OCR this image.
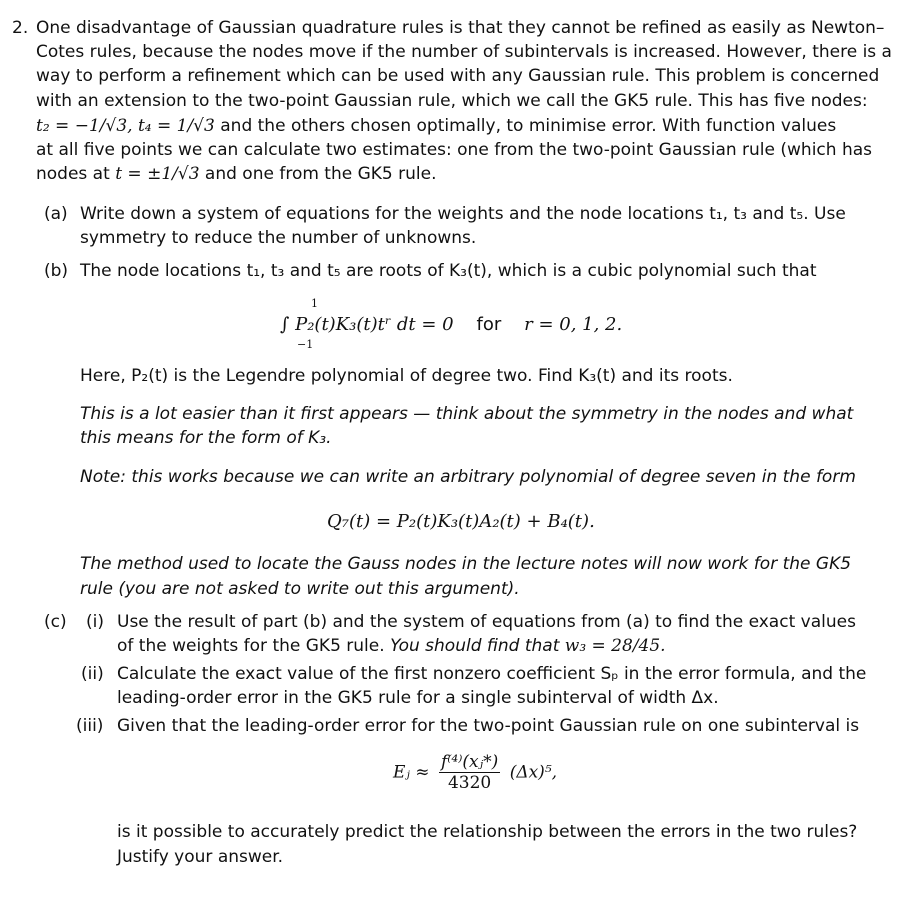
2. One disadvantage of Gaussian quadrature rules is that they cannot be refined as easily as Newton–
Cotes rules, because the nodes move if the number of subintervals is increased. However, there is a
way to perform a refinement which can be used with any Gaussian rule. This problem is concerned
with an extension to the two-point Gaussian rule, which we call the GK5 rule. This has five nodes:
t₂ = −1/√3, t₄ = 1/√3 and the others chosen optimally, to minimise error. With function values
at all five points we can calculate two estimates: one from the two-point Gaussian rule (which has
nodes at t = ±1/√3 and one from the GK5 rule.
(a) Write down a system of equations for the weights and the node locations t₁, t₃ and t₅. Use
symmetry to reduce the number of unknowns.
(b) The node locations t₁, t₃ and t₅ are roots of K₃(t), which is a cubic polynomial such that
∫ P₂(t)K₃(t)tʳ dt = 0 for r = 0, 1, 2.
1
−1
Here, P₂(t) is the Legendre polynomial of degree two. Find K₃(t) and its roots.
This is a lot easier than it first appears — think about the symmetry in the nodes and what
this means for the form of K₃.
Note: this works because we can write an arbitrary polynomial of degree seven in the form
Q₇(t) = P₂(t)K₃(t)A₂(t) + B₄(t).
The method used to locate the Gauss nodes in the lecture notes will now work for the GK5
rule (you are not asked to write out this argument).
(c) (i) Use the result of part (b) and the system of equations from (a) to find the exact values
of the weights for the GK5 rule. You should find that w₃ = 28/45.
(ii) Calculate the exact value of the first nonzero coefficient Sₚ in the error formula, and the
leading-order error in the GK5 rule for a single subinterval of width Δx.
(iii) Given that the leading-order error for the two-point Gaussian rule on one subinterval is
Eⱼ ≈ $\frac{\text{f⁽⁴⁾(xⱼ*)}}{4320} (\Delta x)^5$,
is it possible to accurately predict the relationship between the errors in the two rules?
Justify your answer.
